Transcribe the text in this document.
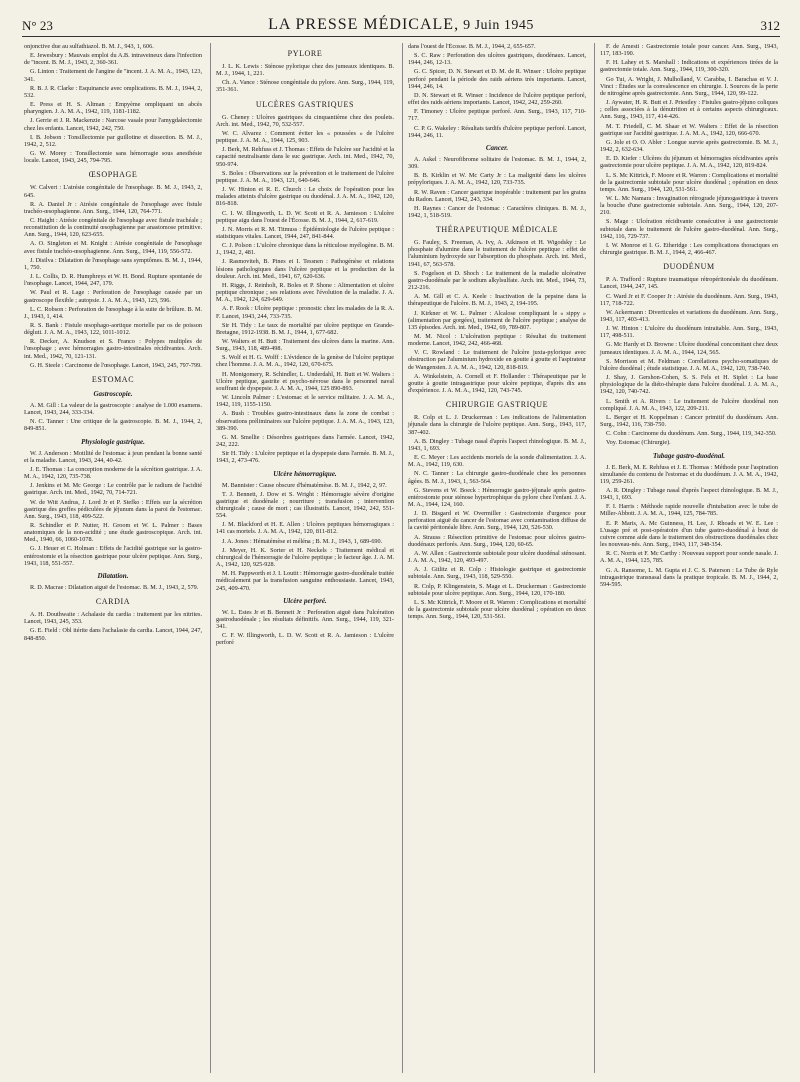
N° 23	LA PRESSE MÉDICALE, 9 Juin 1945	312

onjonctive due au sulfathiazol. B. M. J., 943, 1, 606.

E. Jewesbury : Mauvais emploi du A.B. intraveineux dans l'infection de ''incent. B. M. J., 1943, 2, 360-361.

G. Linton : Traitement de l'angine de ''incent. J. A. M. A., 1943, 123, 341.

R. B. J. R. Clarke : Esquinancie avec omplications. B. M. J., 1944, 2, 532.

E. Press et H. S. Altman : Empyème ompliquant un abcès pharyngien. J. A. M. A., 1942, 119, 1181-1182.

J. Gerrie et J. R. Mackenzie : Narcose vasale pour l'amygdalectomie chez les enfants. Lancet, 1942, 242, 750.

I. B. Jobson : Tonsillectomie par guillotine et dissection. B. M. J., 1942, 2, 512.

G. W. Morey : Tonsillectomie sans hémorragie sous anesthésie locale. Lancet, 1943, 245, 794-795.

ŒSOPHAGE

W. Calvert : L'atrésie congénitale de l'œsophage. B. M. J., 1943, 2, 645.

R. A. Daniel Jr : Atrésie congénitale de l'œsophage avec fistule trachéo-œsophagienne. Ann. Surg., 1944, 120, 764-771.

C. Haight : Atrésie congénitale de l'œsophage avec fistule trachéale ; reconstitution de la continuité œsophagienne par anastomose primitive. Ann. Surg., 1944, 120, 623-655.

A. O. Singleton et M. Knight : Atrésie congénitale de l'œsophage avec fistule trachéo-œsophagienne. Ann. Surg., 1944, 119, 556-572.

J. Disilva : Dilatation de l'œsophage sans symptômes. B. M. J., 1944, 1, 750.

J. L. Collis, D. R. Humphreys et W. H. Bond. Rupture spontanée de l'œsophage. Lancet, 1944, 247, 179.

W. Paul et R. Lage : Perforation de l'œsophage causée par un gastroscope flexible ; autopsie. J. A. M. A., 1943, 123, 596.

L. C. Robson : Perforation de l'œsophage à la suite de brûlure. B. M. J., 1943, 1, 414.

R. S. Bank : Fistule œsophago-aortique mortelle par os de poisson dégluti. J. A. M. A., 1943, 122, 1011-1012.

R. Decker, A. Knudson et S. Franco : Polypes multiples de l'œsophage ; avec hémorragies gastro-intestinales récidivantes. Arch. int. Med., 1942, 70, 121-131.

G. H. Steele : Carcinome de l'œsophage. Lancet, 1943, 245, 797-799.

ESTOMAC
Gastroscopie.

A. M. Gill : La valeur de la gastroscopie : analyse de 1.000 examens. Lancet, 1943, 244, 333-334.

N. C. Tanner : Une critique de la gastroscopie. B. M. J., 1944, 2, 849-851.

Physiologie gastrique.

W. J. Anderson : Motilité de l'estomac à jeun pendant la bonne santé et la maladie. Lancet, 1943, 244, 40-42.

J. E. Thomas : La conception moderne de la sécrétion gastrique. J. A. M. A., 1942, 120, 735-738.

J. Jenkins et M. Mc George : Le contrôle par le radium de l'acidité gastrique. Arch. int. Med., 1942, 70, 714-721.

W. de Witt Andrus, J. Lord Jr et P. Stefko : Effets sur la sécrétion gastrique des greffes pédiculées de jéjunum dans la paroi de l'estomac. Ann. Surg., 1943, 118, 499-522.

R. Schindler et P. Nutter, H. Groom et W. L. Palmer : Bases anatomiques de la non-acidité ; une étude gastroscopique. Arch. int. Med., 1940, 66, 1060-1078.

G. J. Heuer et C. Holman : Effets de l'acidité gastrique sur la gastro-entérostomie et la résection gastrique pour ulcère peptique. Ann. Surg., 1943, 118, 551-557.

Dilatation.

R. D. Macrae : Dilatation aiguë de l'estomac. B. M. J., 1943, 2, 579.

CARDIA

A. H. Douthwaite : Achalasie du cardia : traitement par les nitrites. Lancet, 1943, 245, 353.

G. E. Field : Obl itérite dans l'achalasie du cardia. Lancet, 1944, 247, 848-850.

PYLORE

J. L. K. Lewis : Sténose pylorique chez des jumeaux identiques. B. M. J., 1944, 1, 221.

Ch. A. Vance : Sténose congénitale du pylore. Ann. Surg., 1944, 119, 351-361.

ULCÈRES GASTRIQUES

G. Cheney : Ulcères gastriques du cinquantième chez des poulets. Arch. int. Med., 1942, 70, 532-557.

W. C. Alvarez : Comment éviter les « poussées » de l'ulcère peptique. J. A. M. A., 1944, 125, 903.

J. Berk, M. Rehfuss et J. Thomas : Effets de l'ulcère sur l'acidité et la capacité neutralisante dans le suc gastrique. Arch. int. Med., 1942, 70, 950-974.

S. Boles : Observations sur la prévention et le traitement de l'ulcère peptique. J. A. M. A., 1943, 121, 640-646.

J. W. Hinton et R. E. Church : Le choix de l'opération pour les malades atteints d'ulcère gastrique ou duodénal. J. A. M. A., 1942, 120, 816-818.

C. I. W. Illingworth, L. D. W. Scott et R. A. Jamieson : L'ulcère peptique aigu dans l'ouest de l'Écosse. B. M. J., 1944, 2, 617-619.

J. N. Morris et R. M. Titmuss : Épidémiologie de l'ulcère peptique : statistiques vitales. Lancet, 1944, 247, 841-844.

C. J. Polson : L'ulcère chronique dans la réticulose myélogène. B. M. J., 1942, 2, 481.

J. Rasmoviteh, B. Pines et I. Tessnen : Pathogénèse et relations lésions pathologiques dans l'ulcère peptique et la production de la douleur. Arch. int. Med., 1941, 67, 620-636.

H. Riggs, J. Reinholt, R. Boles et P. Shone : Alimentation et ulcère peptique chronique ; ses relations avec l'évolution de la maladie. J. A. M. A., 1942, 124, 629-649.

A. F. Rook : Ulcère peptique : pronostic chez les malades de la R. A. F. Lancet, 1943, 244, 733-735.

Sir H. Tidy : Le taux de mortalité par ulcère peptique en Grande-Bretagne, 1912-1938. B. M. J., 1944, 1, 677-682.

W. Walters et H. Butt : Traitement des ulcères dans la marine. Ann. Surg., 1943, 118, 489-498.

S. Wolf et H. G. Wolff : L'évidence de la genèse de l'ulcère peptique chez l'homme. J. A. M. A., 1942, 120, 670-675.

H. Montgomery, R. Schindler, L. Underdahl, H. Butt et W. Walters : Ulcère peptique, gastrite et psycho-névrose dans le personnel naval souffrant de dyspepsie. J. A. M. A., 1944, 125 890-893.

W. Lincoln Palmer : L'estomac et le service militaire. J. A. M. A., 1942, 119, 1155-1150.

A. Bush : Troubles gastro-intestinaux dans la zone de combat : observations préliminaires sur l'ulcère peptique. J. A. M. A., 1943, 123, 389-390.

G. M. Smellie : Désordres gastriques dans l'armée. Lancet, 1942, 242, 222.

Sir H. Tidy : L'ulcère peptique et la dyspepsie dans l'armée. B. M. J., 1943, 2, 473-476.

Ulcère hémorragique.

M. Bannister : Cause obscure d'hématémèse. B. M. J., 1942, 2, 97.

T. J. Bennett, J. Dow et S. Wright : Hémorragie sévère d'origine gastrique et duodénale ; nourriture ; transfusion ; intervention chirurgicale ; cause de mort ; cas illustratifs. Lancet, 1942, 242, 551-554.

J. M. Blackford et H. E. Allen : Ulcères peptiques hémorragiques : 141 cas mortels. J. A. M. A., 1942, 120, 811-812.

J. A. Jones : Hématémèse et méléna ; B. M. J., 1943, 1, 689-690.

J. Meyer, H. K. Sorter et H. Neckels : Traitement médical et chirurgical de l'hémorragie de l'ulcère peptique ; le facteur âge. J. A. M. A., 1942, 120, 925-928.

M. H. Pappworth et J. I. Loutit : Hémorragie gastro-duodénale traitée médicalement par la transfusion sanguine enthousiaste. Lancet, 1943, 245, 409-470.

Ulcère perforé.

W. L. Estes Jr et B. Bennett Jr : Perforation aiguë dans l'ulcération gastroduodénale ; les résultats définitifs. Ann. Surg., 1944, 119, 321-341.

C. F. W. Illingworth, L. D. W. Scott et R. A. Jamieson : L'ulcère perforé

dans l'ouest de l'Écosse. B. M. J., 1944, 2, 655-657.

S. C. Raw : Perforation des ulcères gastriques, duodénaux. Lancet, 1944, 246, 12-13.

G. C. Spicer, D. N. Stewart et D. M. de R. Winser : Ulcère peptique perforé pendant la période des raids aériens très importants. Lancet, 1944, 246, 14.

D. N. Stewart et R. Winser : Incidence de l'ulcère peptique perforé, effet des raids aériens importants. Lancet, 1942, 242, 259-260.

F. Timoney : Ulcère peptique perforé. Ann. Surg., 1943, 117, 710-717.

C. P. G. Wakeley : Résultats tardifs d'ulcère peptique perforé. Lancet, 1944, 246, 11.

Cancer.

A. Askel : Neurofibrome solitaire de l'estomac. B. M. J., 1944, 2, 309.

B. B. Kirklin et W. Mc Carty Jr : La malignité dans les ulcères prépyloriques. J. A. M. A., 1942, 120, 733-735.

R. W. Raven : Cancer gastrique inopérable : traitement par les grains du Radon. Lancet, 1942, 243, 334.

H. Raynes : Cancer de l'estomac : Caractères cliniques. B. M. J., 1942, 1, 518-519.

THÉRAPEUTIQUE MÉDICALE

G. Fauley, S. Freeman, A. Ivy, A. Atkinson et H. Wigodsky : Le phosphate d'alumine dans le traitement de l'ulcère peptique : effet de l'aluminium hydroxyde sur l'absorption du phosphate. Arch. int. Med., 1941, 67, 563-578.

S. Fogelson et D. Shoch : Le traitement de la maladie ulcérative gastro-duodénale par le sodium alkylsulfate. Arch. int. Med., 1944, 73, 212-216.

A. M. Gill et C. A. Keele : Inactivation de la pepsine dans la thérapeutique de l'ulcère. B. M. J., 1943, 2, 194-195.

J. Kirkner et W. L. Palmer : Alcalose compliquant le « sippy » (alimentation par gorgées), traitement de l'ulcère peptique ; analyse de 135 épisodes. Arch. int. Med., 1942, 69, 789-807.

M. M. Nicol : L'ulcération peptique : Résultat du traitement moderne. Lancet, 1942, 242, 466-468.

V. C. Rowland : Le traitement de l'ulcère juxta-pylorique avec obstruction par l'aluminium hydroxide en goutte à goutte et l'aspirateur de Wangensten. J. A. M. A., 1942, 120, 818-819.

A. Winkelstein, A. Cornell et F. Hollander : Thérapeutique par le goutte à goutte intragastrique pour ulcère peptique, d'après dix ans d'expérience. J. A. M. A., 1942, 120, 743-745.

CHIRURGIE GASTRIQUE

R. Colp et L. J. Druckerman : Les indications de l'alimentation jéjunale dans la chirurgie de l'ulcère peptique. Ann. Surg., 1943, 117, 387-402.

A. B. Dingley : Tubage nasal d'après l'aspect rhinologique. B. M. J., 1943, 1, 693.

E. C. Meyer : Les accidents mortels de la sonde d'alimentation. J. A. M. A., 1942, 119, 630.

N. C. Tanner : La chirurgie gastro-duodénale chez les personnes âgées. B. M. J., 1943, 1, 563-564.

G. Stevens et W. Boeck : Hémorragie gastro-jéjunale après gastro-entérostomie pour sténose hypertrophique du pylore chez l'enfant. J. A. M. A., 1944, 124, 160.

J. D. Bisgard et W. Overmiller : Gastrectomie d'urgence pour perforation aiguë du cancer de l'estomac avec contamination diffuse de la cavité péritonéale libre. Ann. Surg., 1944, 120, 526-530.

A. Strauss : Résection primitive de l'estomac pour ulcères gastro-duodénaux perforés. Ann. Surg., 1944, 120, 60-65.

A. W. Allen : Gastrectomie subtotale pour ulcère duodénal sténosant. J. A. M. A., 1942, 120, 493-497.

A. J. Gitlitz et R. Colp : Histologie gastrique et gastrectomie subtotale. Ann. Surg., 1943, 118, 529-550.

R. Colp, P. Klingenstein, S. Mage et L. Druckerman : Gastrectomie subtotale pour ulcère peptique. Ann. Surg., 1944, 120, 170-180.

L. S. Mc Kittrick, F. Moore et R. Warren : Complications et mortalité de la gastrectomie subtotale pour ulcère duodénal ; opération en deux temps. Ann. Surg., 1944, 120, 531-561.

F. de Amesti : Gastrectomie totale pour cancer. Ann. Surg., 1943, 117, 183-190.

F. H. Lahey et S. Marshall : Indications et expériences tirées de la gastrectomie totale. Ann. Surg., 1944, 119, 300-320.

Go Tui, A. Wright, J. Mulholland, V. Carabba, I. Barachas et V. J. Vinci : Études sur la convalescence en chirurgie. I. Sources de la perte de nitrogène après gastrectomie. Ann. Surg., 1944, 120, 99-122.

J. Aywater, H. R. Butt et J. Priestley : Fistules gastro-jéjuno coliques ; celles associées à la dénutrition et à certains aspects chirurgicaux. Ann. Surg., 1943, 117, 414-426.

M. T. Friedell, C. M. Shaar et W. Walters : Effet de la résection gastrique sur l'acidité gastrique. J. A. M. A., 1942, 120, 666-670.

G. Jole et O. O. Abler : Longue survie après gastrectomie. B. M. J., 1942, 2, 632-634.

E. D. Kiefer : Ulcères du jéjunum et hémorragies récidivantes après gastrectomie pour ulcère peptique. J. A. M. A., 1942, 120, 819-824.

L. S. Mc Kittrick, F. Moore et R. Warren : Complications et mortalité de la gastrectomie subtotale pour ulcère duodénal ; opération en deux temps. Ann. Surg., 1944, 120, 531-561.

W. L. Mc Namara : Invagination rétrograde jéjunogastrique à travers la bouche d'une gastrectomie subtotale. Ann. Surg., 1944, 120, 207-210.

S. Mage : Ulcération récidivante consécutive à une gastrectomie subtotale dans le traitement de l'ulcère gastro-duodénal. Ann. Surg., 1942, 116, 729-737.

I. W. Monroe et I. G. Etheridge : Les complications thoraciques en chirurgie gastrique. B. M. J., 1944, 2, 466-467.

DUODÉNUM

P. A. Trafford : Rupture traumatique rétropéritonéale du duodénum. Lancet, 1944, 247, 145.

C. Ward Jr et F. Cooper Jr : Atrésie du duodénum. Ann. Surg., 1943, 117, 718-722.

W. Ackermann : Diverticules et variations du duodénum. Ann. Surg., 1943, 117, 403-413.

J. W. Hinton : L'ulcère du duodénum intraitable. Ann. Surg., 1943, 117, 498-511.

G. Mc Hardy et D. Browne : Ulcère duodénal concomitant chez deux jumeaux identiques. J. A. M. A., 1944, 124, 565.

S. Morrison et M. Feldman : Corrélations psycho-somatiques de l'ulcère duodénal ; étude statistique. J. A. M. A., 1942, 120, 738-740.

J. Shay, J. Gershon-Cohen, S. S. Fels et H. Siplet : La base physiologique de la diéto-thérapie dans l'ulcère duodénal. J. A. M. A., 1942, 120, 740-742.

L. Smith et A. Rivers : Le traitement de l'ulcère duodénal non compliqué. J. A. M. A., 1943, 122, 209-211.

L. Berger et H. Koppelman : Cancer primitif du duodénum. Ann. Surg., 1942, 116, 738-750.

C. Cohn : Carcinome du duodénum. Ann. Surg., 1944, 119, 342-350.

Voy. Estomac (Chirurgie).

Tubage gastro-duodénal.

J. E. Berk, M. E. Rehfuss et J. E. Thomas : Méthode pour l'aspiration simultanée du contenu de l'estomac et du duodénum. J. A. M. A., 1942, 119, 259-261.

A. R. Dingley : Tubage nasal d'après l'aspect rhinologique. B. M. J., 1943, 1, 693.

F. I. Harris : Méthode rapide nouvelle d'intubation avec le tube de Miller-Abbott. J. A. M. A., 1944, 125, 784-785.

E. P. Maris, A. Mc Guinness, H. Lee, J. Rhoads et W. E. Lee : L'usage pré et post-opératoire d'un tube gastro-duodénal à bout de cuivre comme aide dans le traitement des obstructions duodénales chez les nouveau-nés. Ann. Surg., 1943, 117, 348-354.

R. C. Norris et F. Mc Carthy : Nouveau support pour sonde nasale. J. A. M. A., 1944, 125, 785.

G. A. Ransome, L. M. Gupta et J. C. S. Paterson : Le Tube de Ryle intragastrique transnasal dans la pratique tropicale. B. M. J., 1944, 2, 594-595.
